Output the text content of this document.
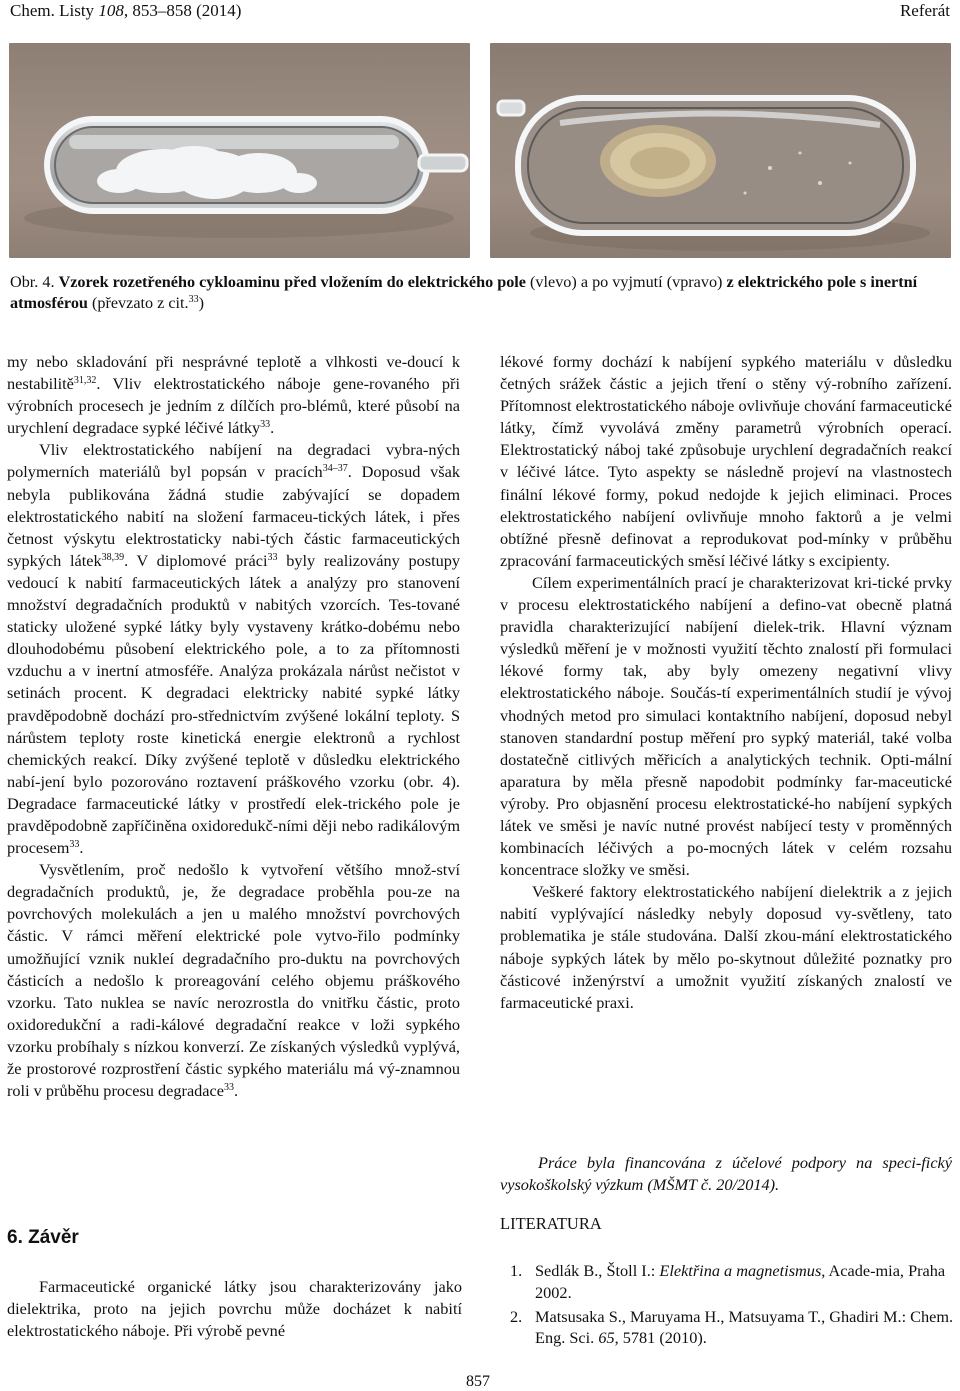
Chem. Listy 108, 853–858 (2014)	Referát
Obr. 4. Vzorek rozetřeného cykloaminu před vložením do elektrického pole (vlevo) a po vyjmutí (vpravo) z elektrického pole s inertní atmosférou (převzato z cit.$^{33}$)

my nebo skladování při nesprávné teplotě a vlhkosti ve-doucí k nestabilitě$^{31,32}$. Vliv elektrostatického náboje gene-rovaného při výrobních procesech je jedním z dílčích pro-blémů, které působí na urychlení degradace sypké léčivé látky$^{33}$.

Vliv elektrostatického nabíjení na degradaci vybra-ných polymerních materiálů byl popsán v pracích$^{34-37}$. Doposud však nebyla publikována žádná studie zabývající se dopadem elektrostatického nabití na složení farmaceu-tických látek, i přes četnost výskytu elektrostaticky nabi-tých částic farmaceutických sypkých látek$^{38,39}$. V diplomové práci$^{33}$ byly realizovány postupy vedoucí k nabití farmaceutických látek a analýzy pro stanovení množství degradačních produktů v nabitých vzorcích. Tes-tované staticky uložené sypké látky byly vystaveny krátko-dobému nebo dlouhodobému působení elektrického pole, a to za přítomnosti vzduchu a v inertní atmosféře. Analýza prokázala nárůst nečistot v setinách procent. K degradaci elektricky nabité sypké látky pravděpodobně dochází pro-střednictvím zvýšené lokální teploty. S nárůstem teploty roste kinetická energie elektronů a rychlost chemických reakcí. Díky zvýšené teplotě v důsledku elektrického nabí-jení bylo pozorováno roztavení práškového vzorku (obr. 4). Degradace farmaceutické látky v prostředí elek-trického pole je pravděpodobně zapříčiněna oxidoredukč-ními ději nebo radikálovým procesem$^{33}$.

Vysvětlením, proč nedošlo k vytvoření většího množ-ství degradačních produktů, je, že degradace proběhla pou-ze na povrchových molekulách a jen u malého množství povrchových částic. V rámci měření elektrické pole vytvo-řilo podmínky umožňující vznik nukleí degradačního pro-duktu na povrchových částicích a nedošlo k proreagování celého objemu práškového vzorku. Tato nuklea se navíc nerozrostla do vnitřku částic, proto oxidoredukční a radi-kálové degradační reakce v loži sypkého vzorku probíhaly s nízkou konverzí. Ze získaných výsledků vyplývá, že prostorové rozprostření částic sypkého materiálu má vý-znamnou roli v průběhu procesu degradace$^{33}$.

6. Závěr

Farmaceutické organické látky jsou charakterizovány jako dielektrika, proto na jejich povrchu může docházet k nabití elektrostatického náboje. Při výrobě pevné

lékové formy dochází k nabíjení sypkého materiálu v důsledku četných srážek částic a jejich tření o stěny vý-robního zařízení. Přítomnost elektrostatického náboje ovlivňuje chování farmaceutické látky, čímž vyvolává změny parametrů výrobních operací. Elektrostatický náboj také způsobuje urychlení degradačních reakcí v léčivé látce. Tyto aspekty se následně projeví na vlastnostech finální lékové formy, pokud nedojde k jejich eliminaci. Proces elektrostatického nabíjení ovlivňuje mnoho faktorů a je velmi obtížné přesně definovat a reprodukovat pod-mínky v průběhu zpracování farmaceutických směsí léčivé látky s excipienty.

Cílem experimentálních prací je charakterizovat kri-tické prvky v procesu elektrostatického nabíjení a defino-vat obecně platná pravidla charakterizující nabíjení dielek-trik. Hlavní význam výsledků měření je v možnosti využití těchto znalostí při formulaci lékové formy tak, aby byly omezeny negativní vlivy elektrostatického náboje. Součás-tí experimentálních studií je vývoj vhodných metod pro simulaci kontaktního nabíjení, doposud nebyl stanoven standardní postup měření pro sypký materiál, také volba dostatečně citlivých měřicích a analytických technik. Opti-mální aparatura by měla přesně napodobit podmínky far-maceutické výroby. Pro objasnění procesu elektrostatické-ho nabíjení sypkých látek ve směsi je navíc nutné provést nabíjecí testy v proměnných kombinacích léčivých a po-mocných látek v celém rozsahu koncentrace složky ve směsi.

Veškeré faktory elektrostatického nabíjení dielektrik a z jejich nabití vyplývající následky nebyly doposud vy-světleny, tato problematika je stále studována. Další zkou-mání elektrostatického náboje sypkých látek by mělo po-skytnout důležité poznatky pro částicové inženýrství a umožnit využití získaných znalostí ve farmaceutické praxi.

Práce byla financována z účelové podpory na speci-fický vysokoškolský výzkum (MŠMT č. 20/2014).

LITERATURA
1. Sedlák B., Štoll I.: Elektřina a magnetismus, Acade-mia, Praha 2002.
2. Matsusaka S., Maruyama H., Matsuyama T., Ghadiri M.: Chem. Eng. Sci. 65, 5781 (2010).
857
